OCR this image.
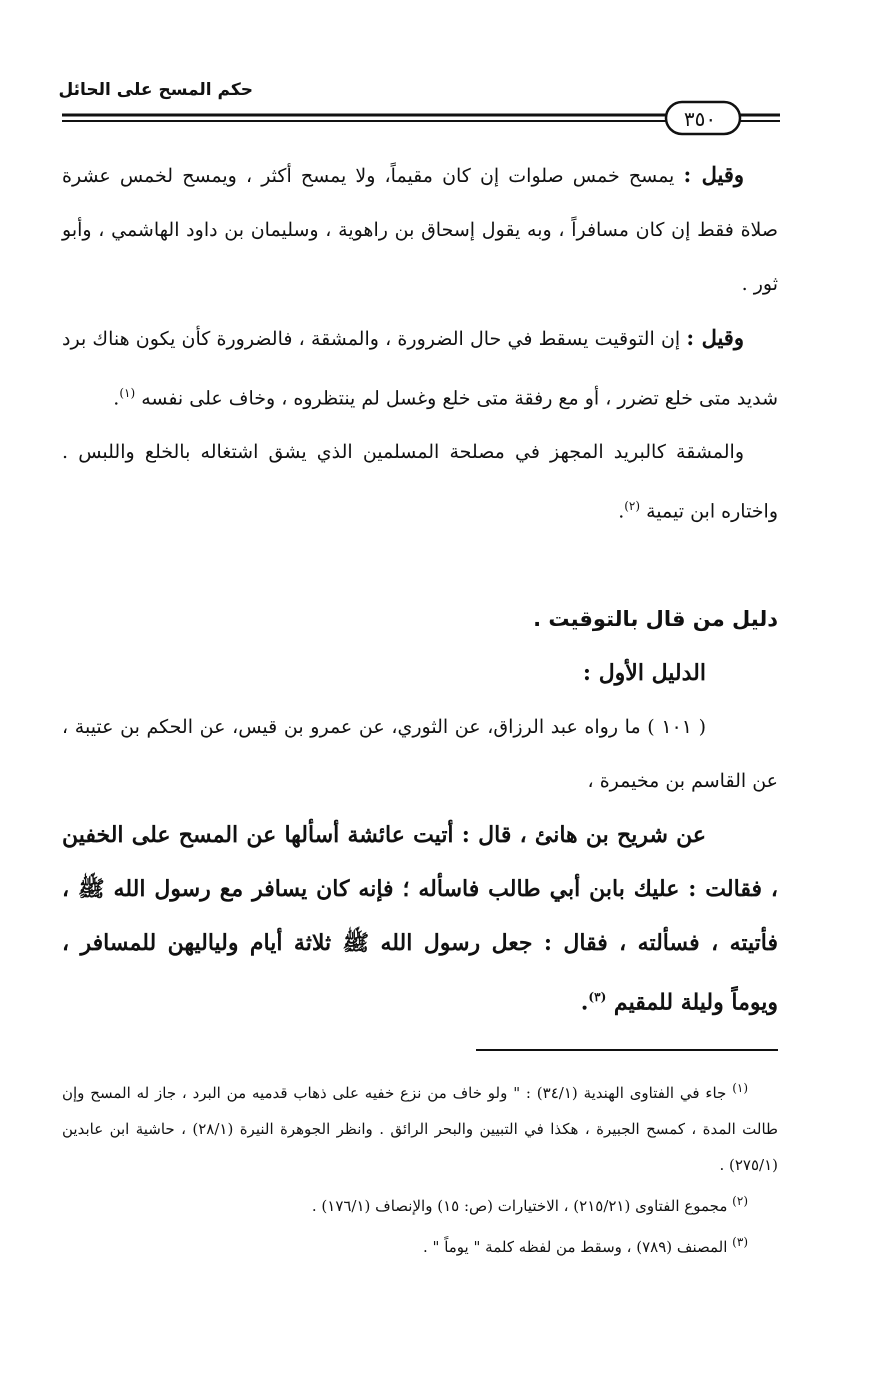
حكم المسح على الحائل
٣٥٠

وقيل : يمسح خمس صلوات إن كان مقيماً، ولا يمسح أكثر ، ويمسح لخمس عشرة صلاة فقط إن كان مسافراً ، وبه يقول إسحاق بن راهوية ، وسليمان بن داود الهاشمي ، وأبو ثور .

وقيل : إن التوقيت يسقط في حال الضرورة ، والمشقة ، فالضرورة كأن يكون هناك برد شديد متى خلع تضرر ، أو مع رفقة متى خلع وغسل لم ينتظروه ، وخاف على نفسه $^{(١)}$.

والمشقة كالبريد المجهز في مصلحة المسلمين الذي يشق اشتغاله بالخلع واللبس . واختاره ابن تيمية $^{(٢)}$.

دليل من قال بالتوقيت .

الدليل الأول :

( ١٠١ ) ما رواه عبد الرزاق، عن الثوري، عن عمرو بن قيس، عن الحكم بن عتيبة ، عن القاسم بن مخيمرة ،

عن شريح بن هانئ ، قال : أتيت عائشة أسألها عن المسح على الخفين ، فقالت : عليك بابن أبي طالب فاسأله ؛ فإنه كان يسافر مع رسول الله ﷺ ، فأتيته ، فسألته ، فقال : جعل رسول الله ﷺ ثلاثة أيام ولياليهن للمسافر ، ويوماً وليلة للمقيم $^{(٣)}$.

$^{(١)}$ جاء في الفتاوى الهندية (٣٤/١) : " ولو خاف من نزع خفيه على ذهاب قدميه من البرد ، جاز له المسح وإن طالت المدة ، كمسح الجبيرة ، هكذا في التبيين والبحر الرائق . وانظر الجوهرة النيرة (٢٨/١) ، حاشية ابن عابدين (٢٧٥/١) .

$^{(٢)}$ مجموع الفتاوى (٢١٥/٢١) ، الاختيارات (ص: ١٥) والإنصاف (١٧٦/١) .

$^{(٣)}$ المصنف (٧٨٩) ، وسقط من لفظه كلمة " يوماً " .
